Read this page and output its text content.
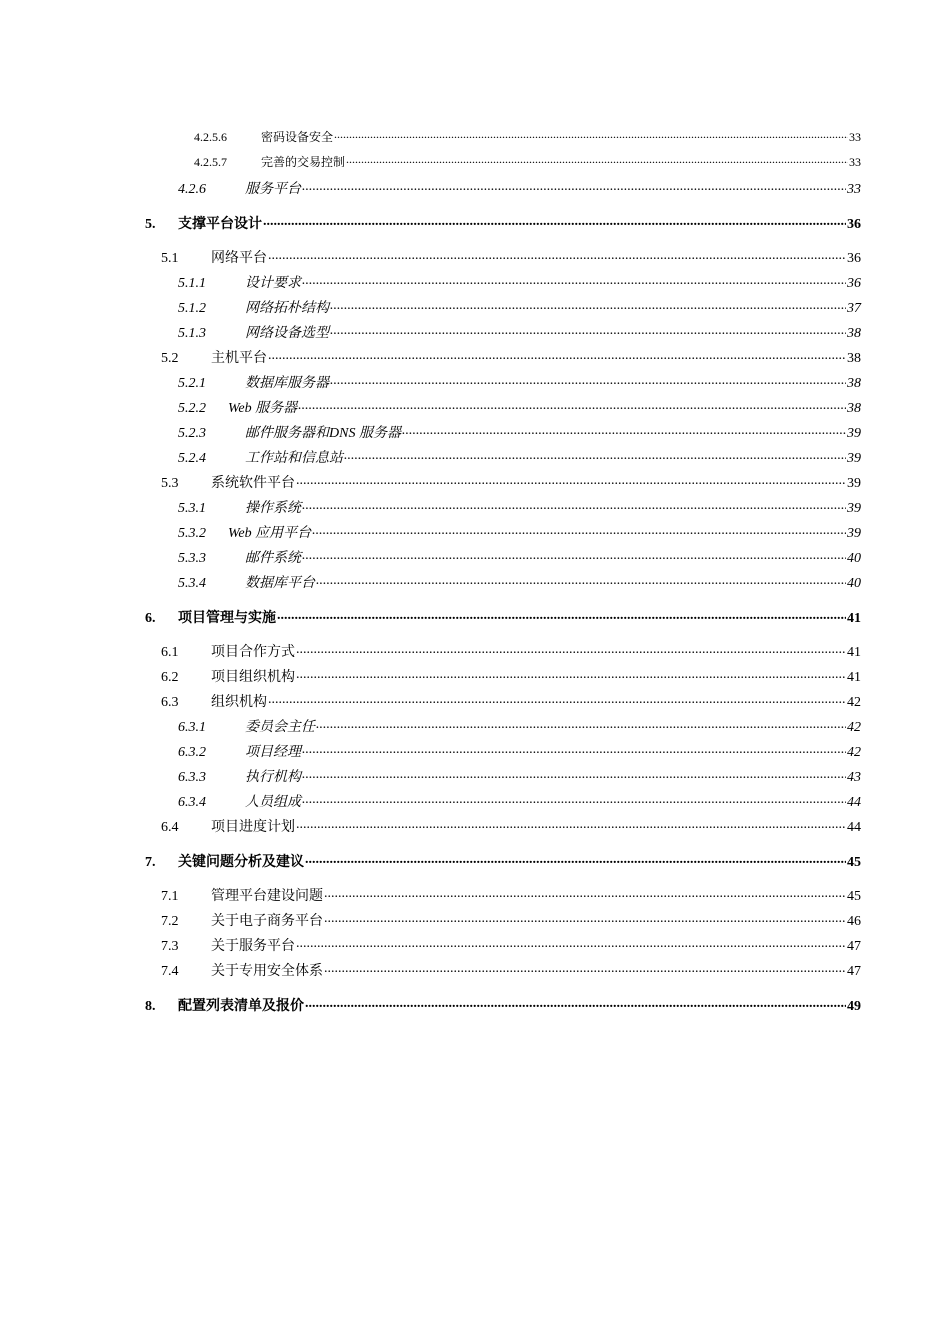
4.2.5.6	密码设备安全 .....	33
4.2.5.7	完善的交易控制 .....	33
4.2.6	服务平台 .....	33
5.	支撑平台设计 .....	36
5.1	网络平台 .....	36
5.1.1	设计要求 .....	36
5.1.2	网络拓朴结构 .....	37
5.1.3	网络设备选型 .....	38
5.2	主机平台 .....	38
5.2.1	数据库服务器 .....	38
5.2.2	Web 服务器 .....	38
5.2.3	邮件服务器和DNS 服务器 .....	39
5.2.4	工作站和信息站 .....	39
5.3	系统软件平台 .....	39
5.3.1	操作系统 .....	39
5.3.2	Web 应用平台 .....	39
5.3.3	邮件系统 .....	40
5.3.4	数据库平台 .....	40
6.	项目管理与实施 .....	41
6.1	项目合作方式 .....	41
6.2	项目组织机构 .....	41
6.3	组织机构 .....	42
6.3.1	委员会主任 .....	42
6.3.2	项目经理 .....	42
6.3.3	执行机构 .....	43
6.3.4	人员组成 .....	44
6.4	项目进度计划 .....	44
7.	关键问题分析及建议 .....	45
7.1	管理平台建设问题 .....	45
7.2	关于电子商务平台 .....	46
7.3	关于服务平台 .....	47
7.4	关于专用安全体系 .....	47
8.	配置列表清单及报价 .....	49
